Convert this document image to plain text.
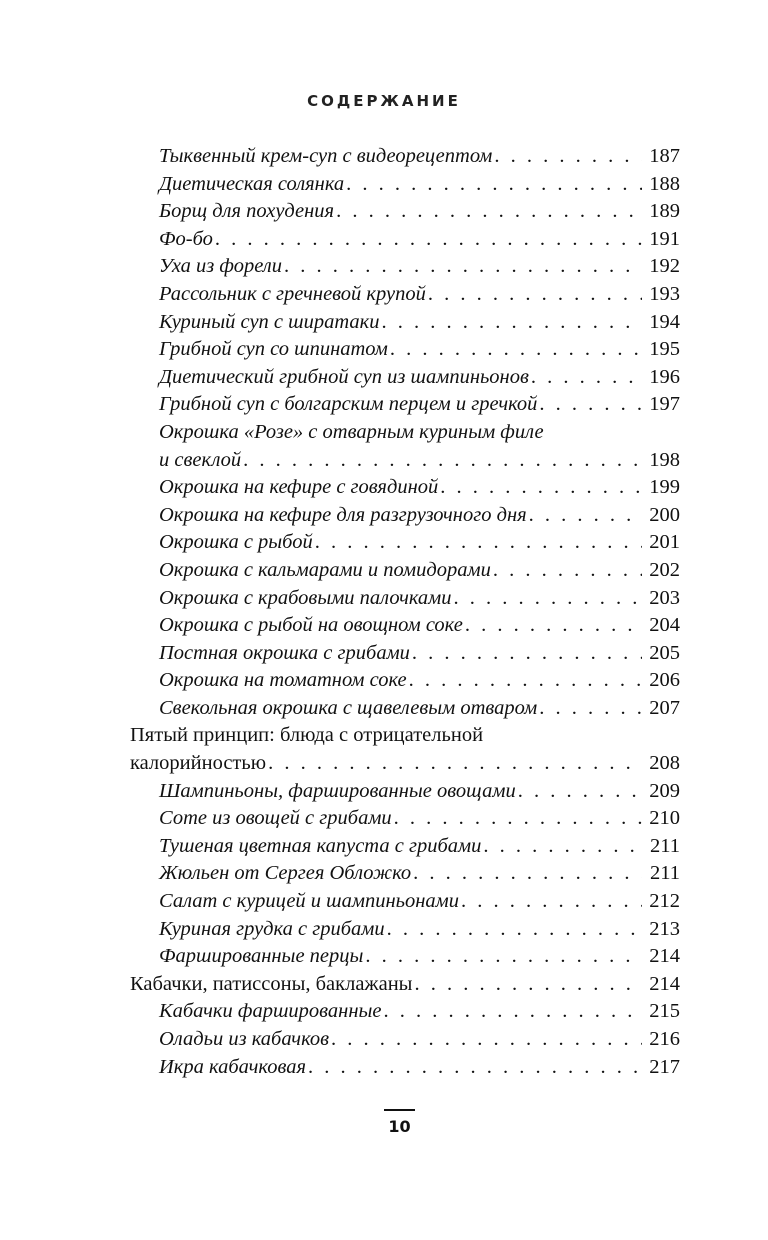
СОДЕРЖАНИЕ
Тыквенный крем-суп с видеорецептом . . .	187
Диетическая солянка . . .	188
Борщ для похудения . . .	189
Фо-бо . . .	191
Уха из форели . . .	192
Рассольник с гречневой крупой . . .	193
Куриный суп с ширатаки . . .	194
Грибной суп со шпинатом . . .	195
Диетический грибной суп из шампиньонов . . .	196
Грибной суп с болгарским перцем и гречкой . . .	197
Окрошка «Розе» с отварным куриным филе
и свеклой . . .	198
Окрошка на кефире с говядиной . . .	199
Окрошка на кефире для разгрузочного дня . . .	200
Окрошка с рыбой . . .	201
Окрошка с кальмарами и помидорами . . .	202
Окрошка с крабовыми палочками . . .	203
Окрошка с рыбой на овощном соке . . .	204
Постная окрошка с грибами . . .	205
Окрошка на томатном соке . . .	206
Свекольная окрошка с щавелевым отваром . . .	207
Пятый принцип: блюда с отрицательной
калорийностью . . .	208
Шампиньоны, фаршированные овощами . . .	209
Соте из овощей с грибами . . .	210
Тушеная цветная капуста с грибами . . .	211
Жюльен от Сергея Обложко . . .	211
Салат с курицей и шампиньонами . . .	212
Куриная грудка с грибами . . .	213
Фаршированные перцы . . .	214
Кабачки, патиссоны, баклажаны . . .	214
Кабачки фаршированные . . .	215
Оладьи из кабачков . . .	216
Икра кабачковая . . .	217
10
